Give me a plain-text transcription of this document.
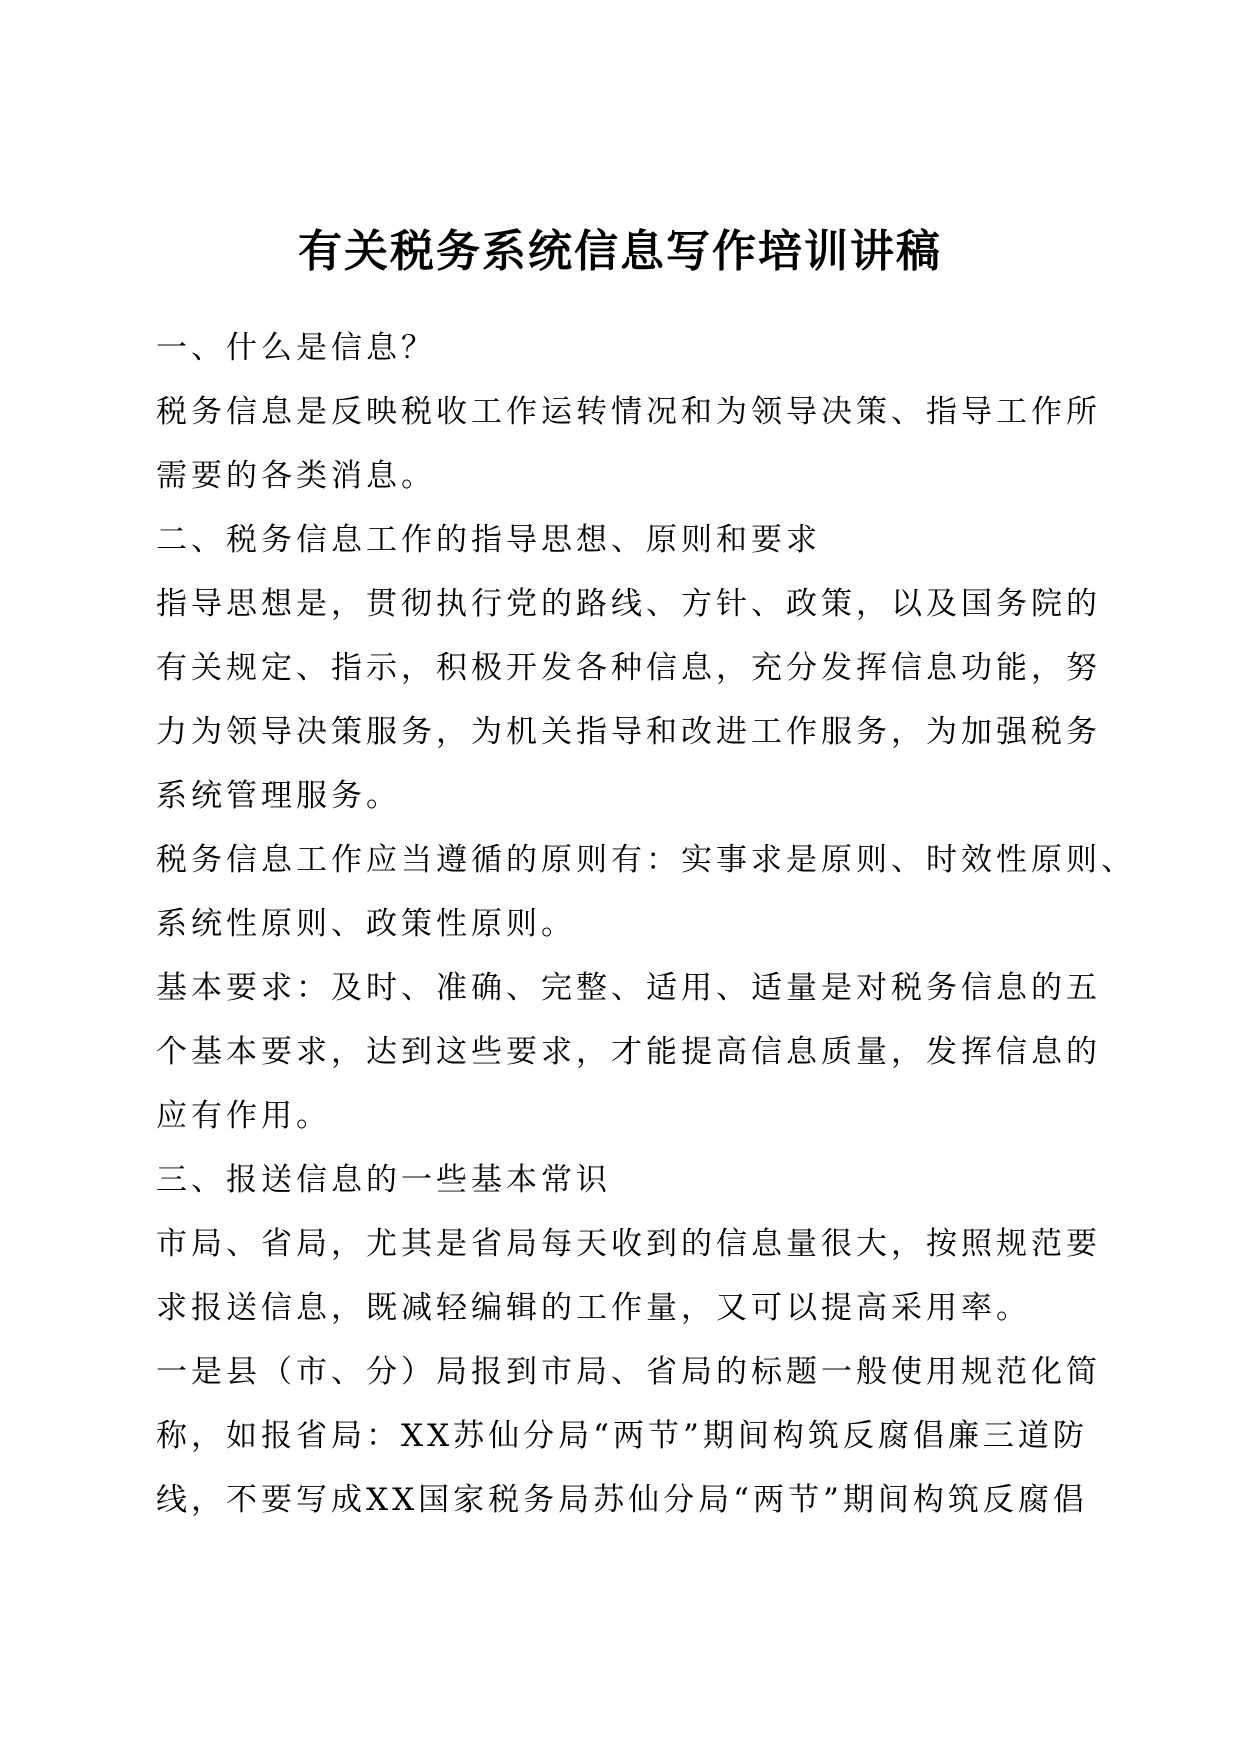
有关税务系统信息写作培训讲稿
一、什么是信息？
税务信息是反映税收工作运转情况和为领导决策、指导工作所
需要的各类消息。
二、税务信息工作的指导思想、原则和要求
指导思想是，贯彻执行党的路线、方针、政策，以及国务院的
有关规定、指示，积极开发各种信息，充分发挥信息功能，努
力为领导决策服务，为机关指导和改进工作服务，为加强税务
系统管理服务。
税务信息工作应当遵循的原则有：实事求是原则、时效性原则、
系统性原则、政策性原则。
基本要求：及时、准确、完整、适用、适量是对税务信息的五
个基本要求，达到这些要求，才能提高信息质量，发挥信息的
应有作用。
三、报送信息的一些基本常识
市局、省局，尤其是省局每天收到的信息量很大，按照规范要
求报送信息，既减轻编辑的工作量，又可以提高采用率。
一是县（市、分）局报到市局、省局的标题一般使用规范化简
称，如报省局：XX苏仙分局“两节”期间构筑反腐倡廉三道防
线，不要写成XX国家税务局苏仙分局“两节”期间构筑反腐倡
